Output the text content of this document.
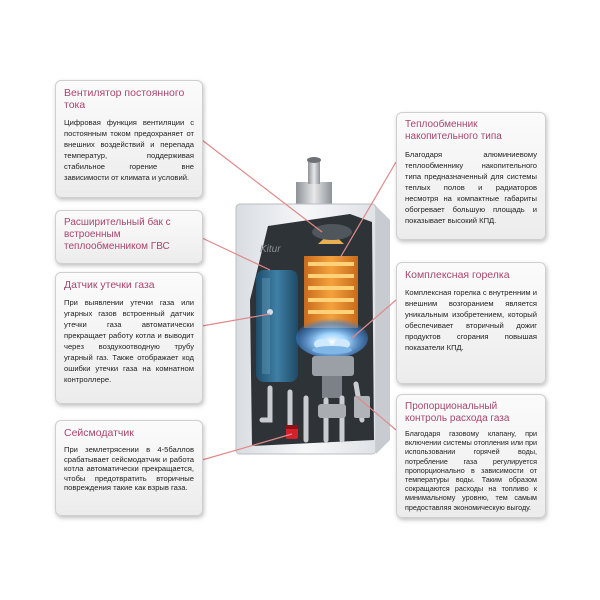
Kitur
Вентилятор постоянного тока
Цифровая функция вентиляции с постоянным током предохраняет от внешних воздействий и перепада температур, поддерживая стабильное горение вне зависимости от климата и условий.
Расширительный бак с встроенным теплообменником ГВС
Датчик утечки газа
При выявлении утечки газа или угарных газов встроенный датчик утечки газа автоматически прекращает работу котла и выводит через воздухоотводную трубу угарный газ. Также отображает код ошибки утечки газа на комнатном контроллере.
Сейсмодатчик
При землетрясении в 4-5баллов срабатывает сейсмодатчик и работа котла автоматически прекращается, чтобы предотвратить вторичные повреждения такие как взрыв газа.
Теплообменник накопительного типа
Благодаря алюминиевому теплообменнику накопительного типа предназначенный для системы теплых полов и радиаторов несмотря на компактные габариты обогревает большую площадь и показывает высокий КПД.
Комплексная горелка
Комплексная горелка с внутренним и внешним возгоранием является уникальным изобретением, который обеспечивает вторичный дожиг продуктов сгорания повышая показатели КПД.
Пропорциональный контроль расхода газа
Благодаря газовому клапану, при включении системы отопления или при использовании горячей воды, потребление газа регулируется пропорционально в зависимости от температуры воды. Таким образом сокращаются расходы на топливо к минимальному уровню, тем самым предоставляя экономическую выгоду.
